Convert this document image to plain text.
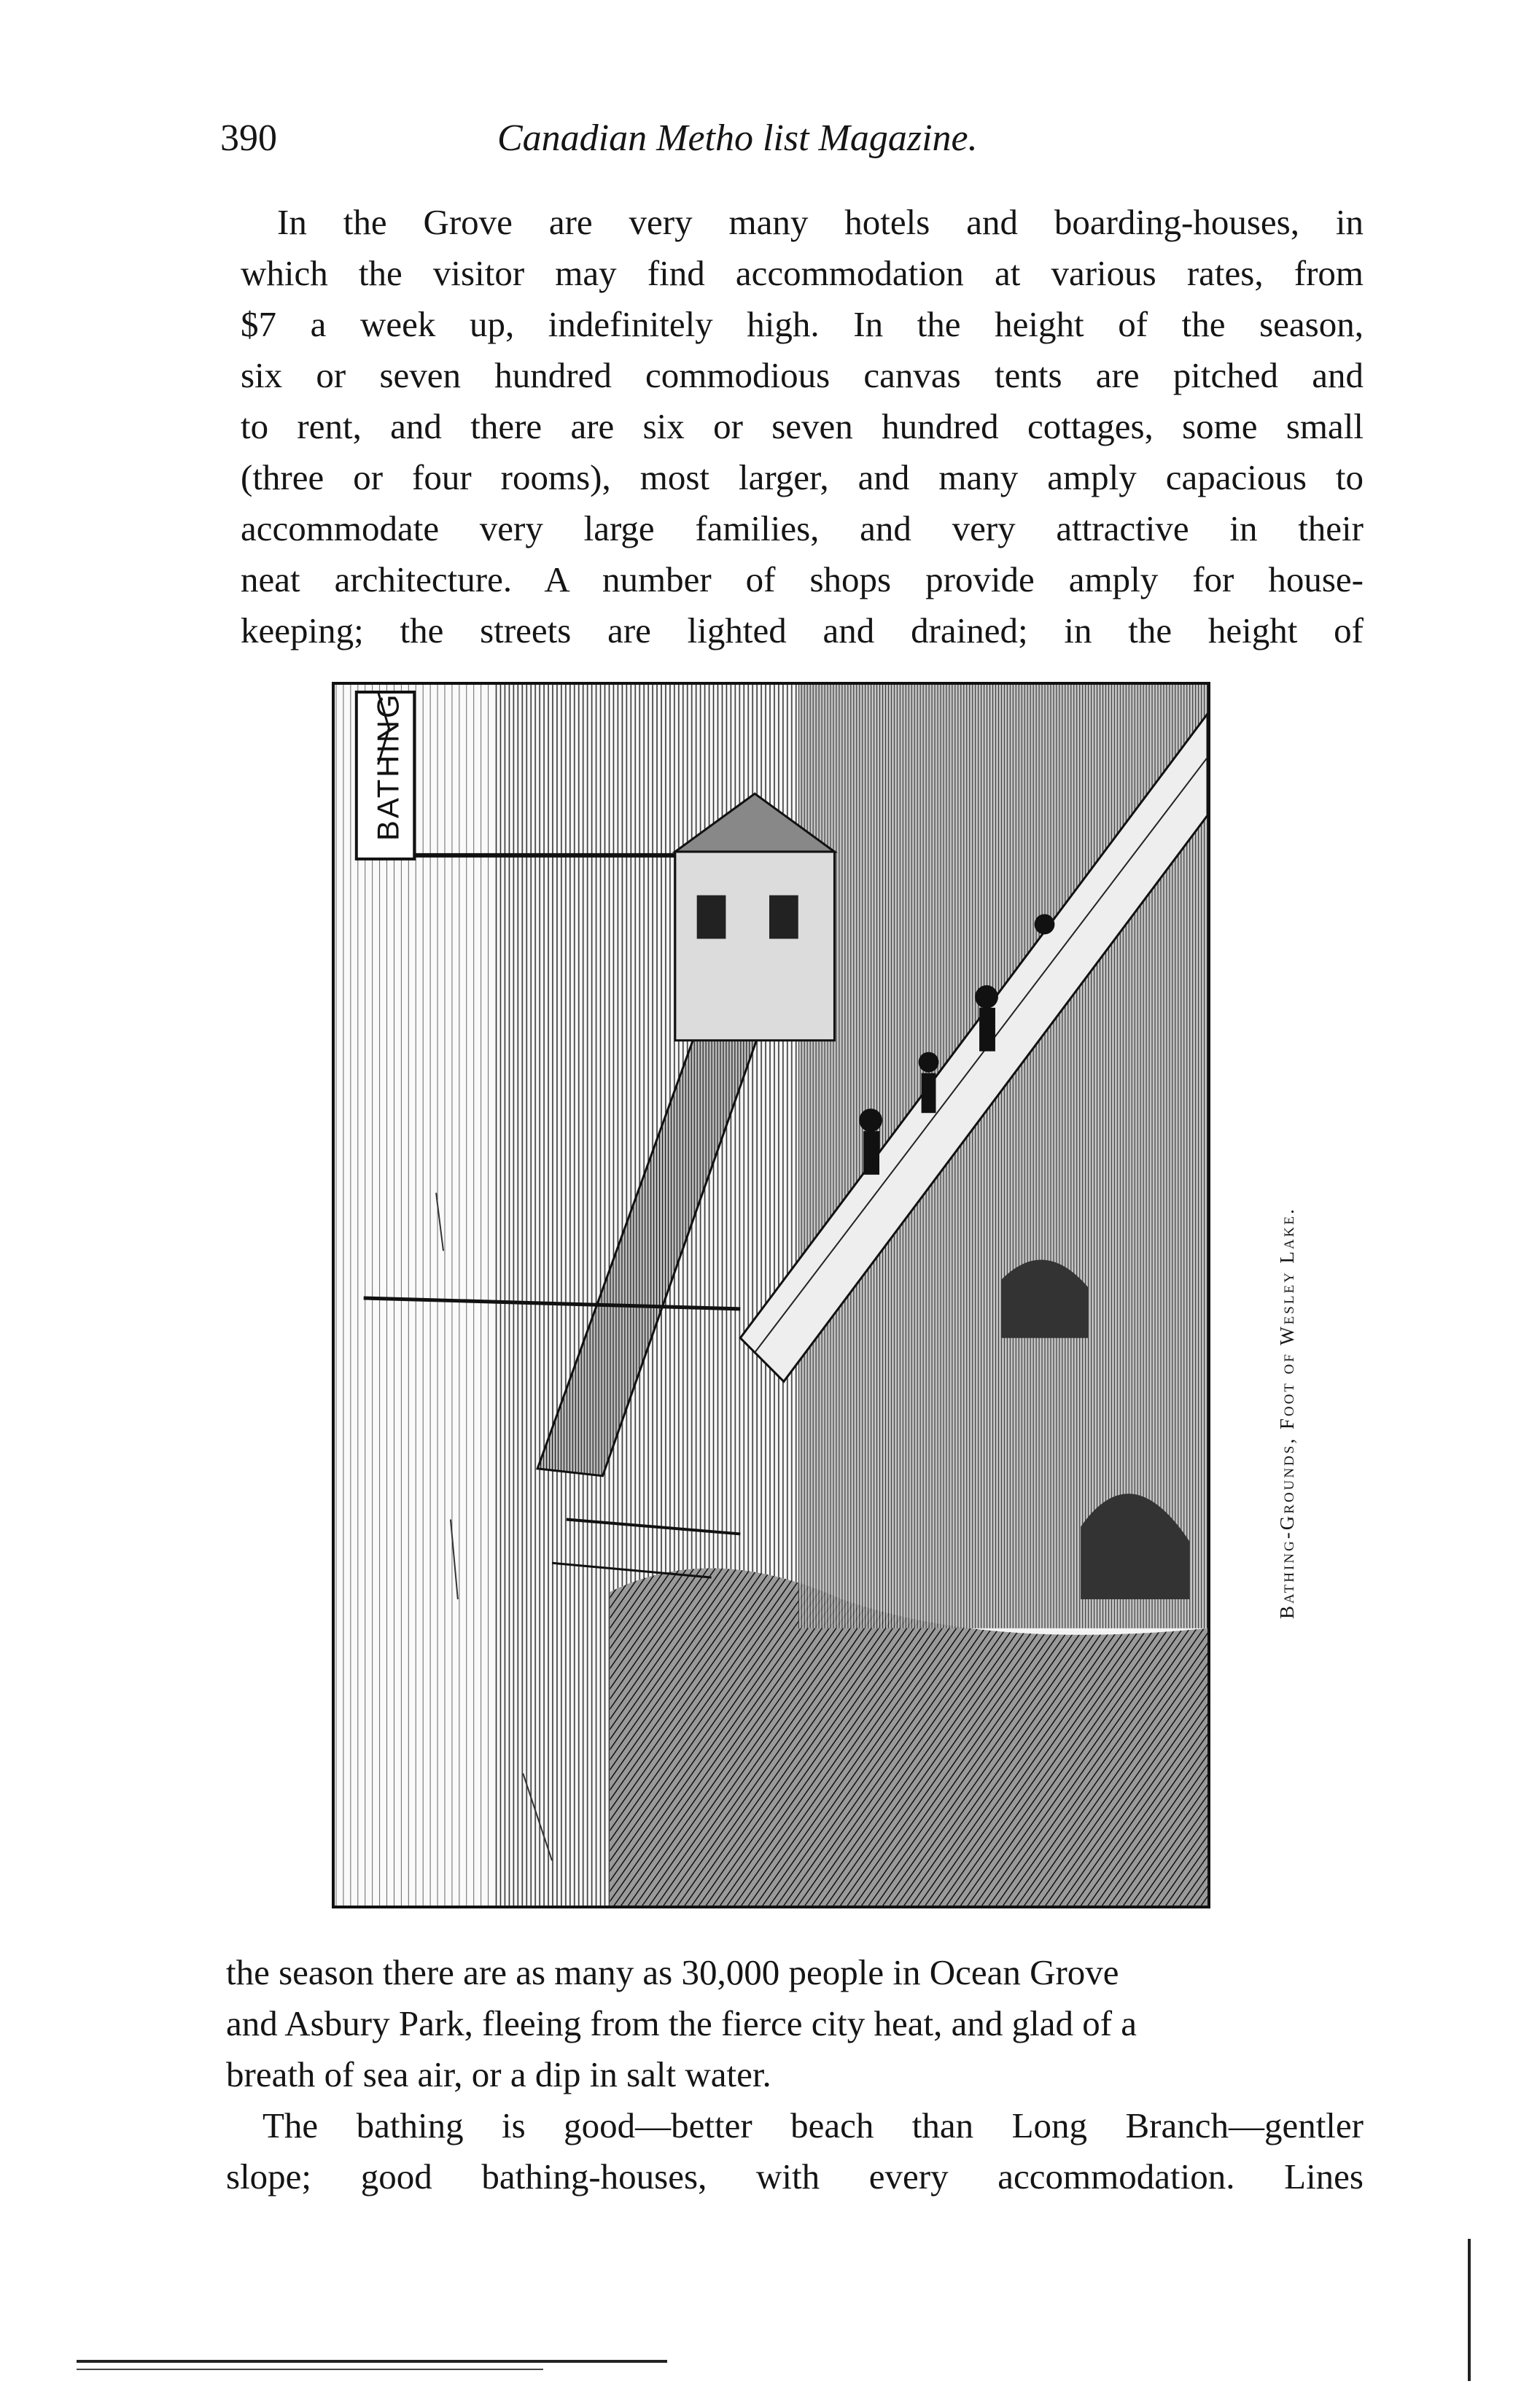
390	Canadian Metho list Magazine.
In the Grove are very many hotels and boarding-houses, in
which the visitor may find accommodation at various rates, from
$7 a week up, indefinitely high. In the height of the season,
six or seven hundred commodious canvas tents are pitched and
to rent, and there are six or seven hundred cottages, some small
(three or four rooms), most larger, and many amply capacious to
accommodate very large families, and very attractive in their
neat architecture. A number of shops provide amply for house-
keeping; the streets are lighted and drained; in the height of
BATHING
Bathing-Grounds, Foot of Wesley Lake.
the season there are as many as 30,000 people in Ocean Grove
and Asbury Park, fleeing from the fierce city heat, and glad of a
breath of sea air, or a dip in salt water.
The bathing is good—better beach than Long Branch—gentler
slope; good bathing-houses, with every accommodation. Lines
